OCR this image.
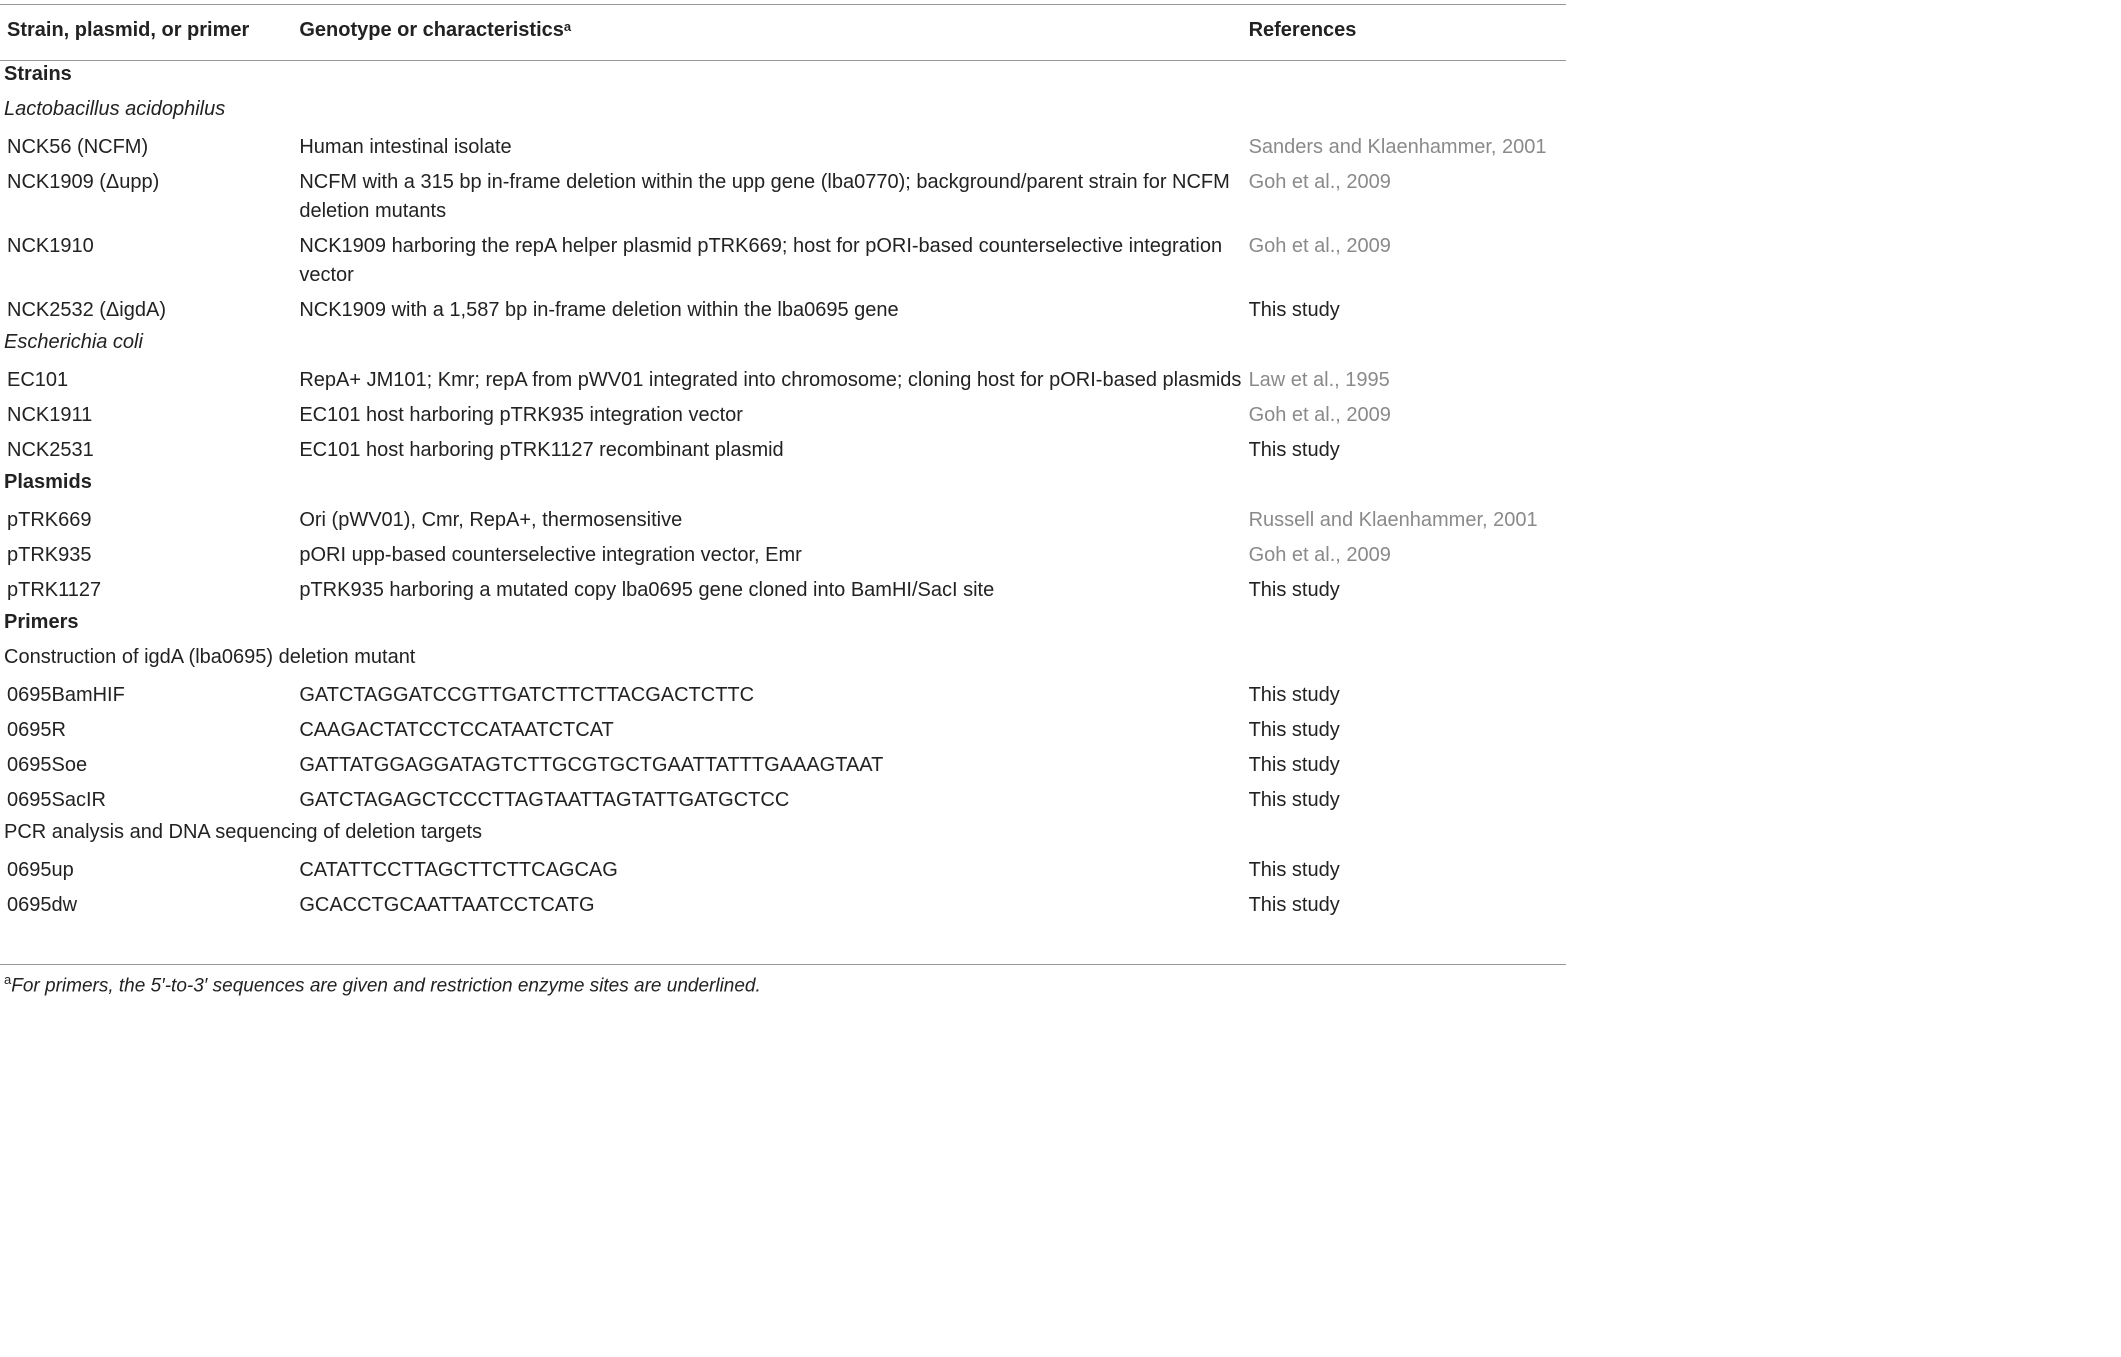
Strain, plasmid, or primer	Genotype or characteristics$^a$	References
Strains		
Lactobacillus acidophilus		
NCK56 (NCFM)	Human intestinal isolate	Sanders and Klaenhammer, 2001
NCK1909 (Δupp)	NCFM with a 315 bp in-frame deletion within the upp gene (lba0770); background/parent strain for NCFM deletion mutants	Goh et al., 2009
NCK1910	NCK1909 harboring the repA helper plasmid pTRK669; host for pORI-based counterselective integration vector	Goh et al., 2009
NCK2532 (ΔigdA)	NCK1909 with a 1,587 bp in-frame deletion within the lba0695 gene	This study
Escherichia coli		
EC101	RepA+ JM101; Kmr; repA from pWV01 integrated into chromosome; cloning host for pORI-based plasmids	Law et al., 1995
NCK1911	EC101 host harboring pTRK935 integration vector	Goh et al., 2009
NCK2531	EC101 host harboring pTRK1127 recombinant plasmid	This study
Plasmids		
pTRK669	Ori (pWV01), Cmr, RepA+, thermosensitive	Russell and Klaenhammer, 2001
pTRK935	pORI upp-based counterselective integration vector, Emr	Goh et al., 2009
pTRK1127	pTRK935 harboring a mutated copy lba0695 gene cloned into BamHI/SacI site	This study
Primers		
Construction of igdA (lba0695) deletion mutant		
0695BamHIF	GATCTAGGATCCGTTGATCTTCTTACGACTCTTC	This study
0695R	CAAGACTATCCTCCATAATCTCAT	This study
0695Soe	GATTATGGAGGATAGTCTTGCGTGCTGAATTATTTGAAAGTAAT	This study
0695SacIR	GATCTAGAGCTCCCTTAGTAATTAGTATTGATGCTCC	This study
PCR analysis and DNA sequencing of deletion targets		
0695up	CATATTCCTTAGCTTCTTCAGCAG	This study
0695dw	GCACCTGCAATTAATCCTCATG	This study
$^a$For primers, the 5′-to-3′ sequences are given and restriction enzyme sites are underlined.
